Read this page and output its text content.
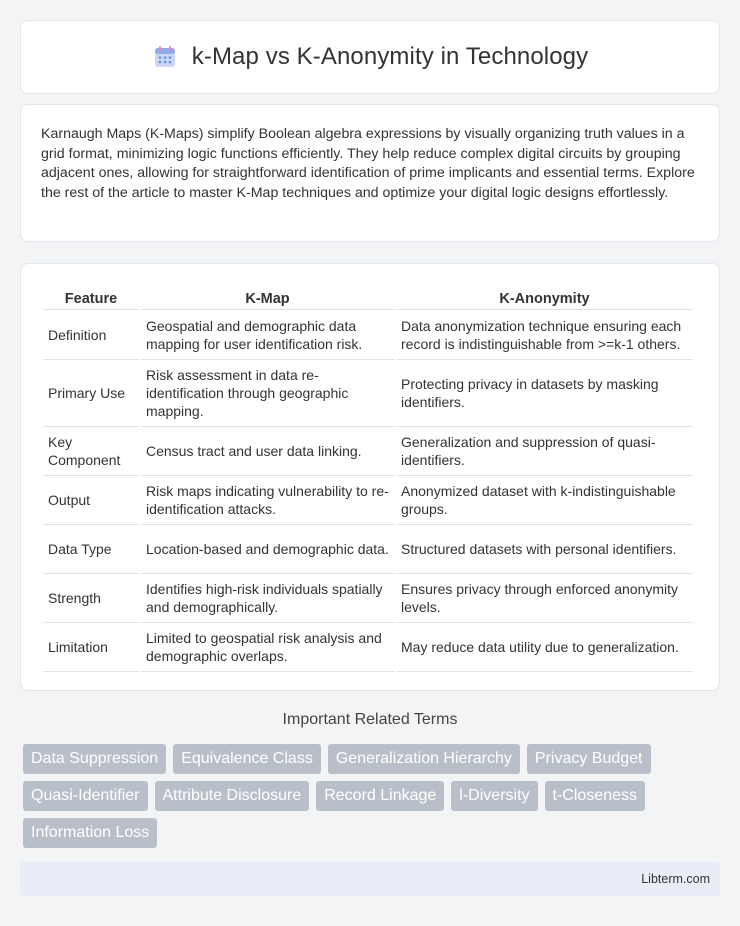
k-Map vs K-Anonymity in Technology

Karnaugh Maps (K-Maps) simplify Boolean algebra expressions by visually organizing truth values in a grid format, minimizing logic functions efficiently. They help reduce complex digital circuits by grouping adjacent ones, allowing for straightforward identification of prime implicants and essential terms. Explore the rest of the article to master K-Map techniques and optimize your digital logic designs effortlessly.

Feature	K-Map	K-Anonymity
Definition	Geospatial and demographic data mapping for user identification risk.	Data anonymization technique ensuring each record is indistinguishable from >=k-1 others.
Primary Use	Risk assessment in data re-identification through geographic mapping.	Protecting privacy in datasets by masking identifiers.
Key Component	Census tract and user data linking.	Generalization and suppression of quasi-identifiers.
Output	Risk maps indicating vulnerability to re-identification attacks.	Anonymized dataset with k-indistinguishable groups.
Data Type	Location-based and demographic data.	Structured datasets with personal identifiers.
Strength	Identifies high-risk individuals spatially and demographically.	Ensures privacy through enforced anonymity levels.
Limitation	Limited to geospatial risk analysis and demographic overlaps.	May reduce data utility due to generalization.
Important Related Terms
Data Suppression	Equivalence Class	Generalization Hierarchy	Privacy Budget
Quasi-Identifier	Attribute Disclosure	Record Linkage	l-Diversity	t-Closeness
Information Loss
Libterm.com
